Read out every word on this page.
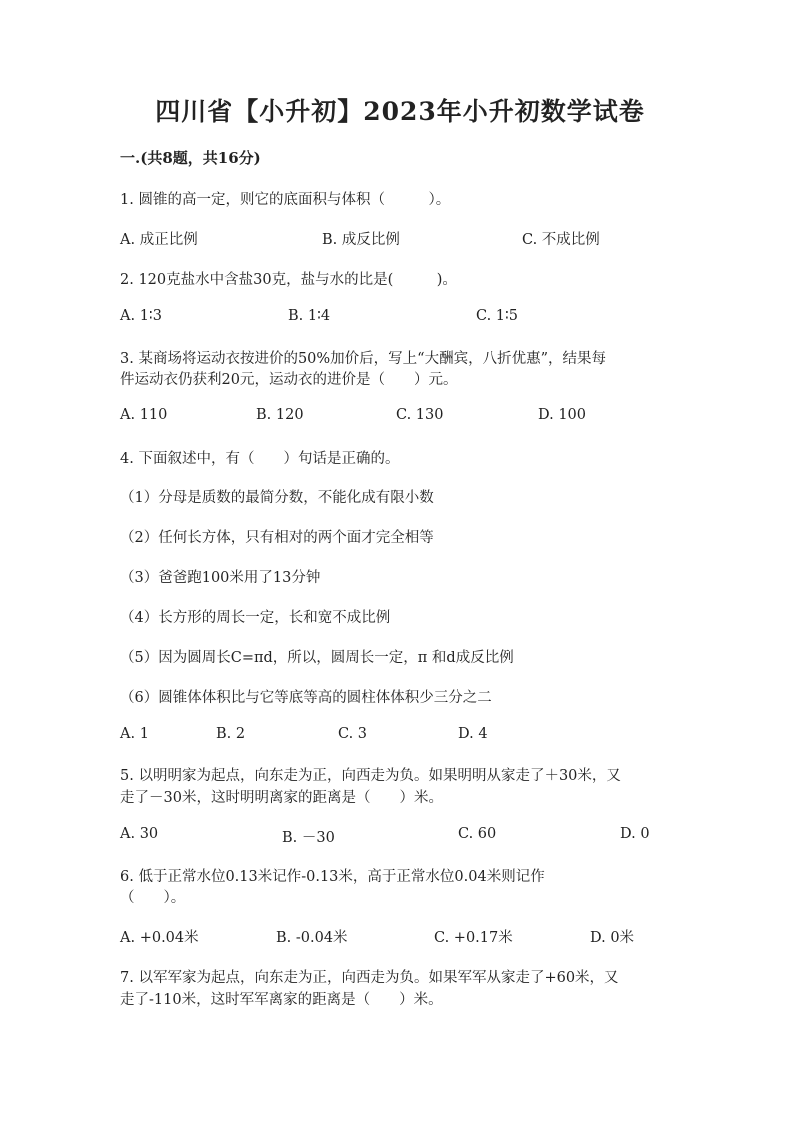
四川省【小升初】2023年小升初数学试卷
一.(共8题，共16分)
1. 圆锥的高一定，则它的底面积与体积（　　　）。
A. 成正比例	B. 成反比例	C. 不成比例
2. 120克盐水中含盐30克，盐与水的比是(　　　)。
A. 1∶3	B. 1∶4	C. 1∶5
3. 某商场将运动衣按进价的50%加价后，写上“大酬宾，八折优惠”，结果每
件运动衣仍获利20元，运动衣的进价是（　　）元。
A. 110	B. 120	C. 130	D. 100
4. 下面叙述中，有（　　）句话是正确的。
（1）分母是质数的最简分数，不能化成有限小数
（2）任何长方体，只有相对的两个面才完全相等
（3）爸爸跑100米用了13分钟
（4）长方形的周长一定，长和宽不成比例
（5）因为圆周长C=πd，所以，圆周长一定，π 和d成反比例
（6）圆锥体体积比与它等底等高的圆柱体体积少三分之二
A. 1	B. 2	C. 3	D. 4
5. 以明明家为起点，向东走为正，向西走为负。如果明明从家走了＋30米，又
走了－30米，这时明明离家的距离是（　　）米。
A. 30	B. －30	C. 60	D. 0
6. 低于正常水位0.13米记作-0.13米，高于正常水位0.04米则记作
（　　）。
A. +0.04米	B. -0.04米	C. +0.17米	D. 0米
7. 以军军家为起点，向东走为正，向西走为负。如果军军从家走了+60米，又
走了-110米，这时军军离家的距离是（　　）米。
